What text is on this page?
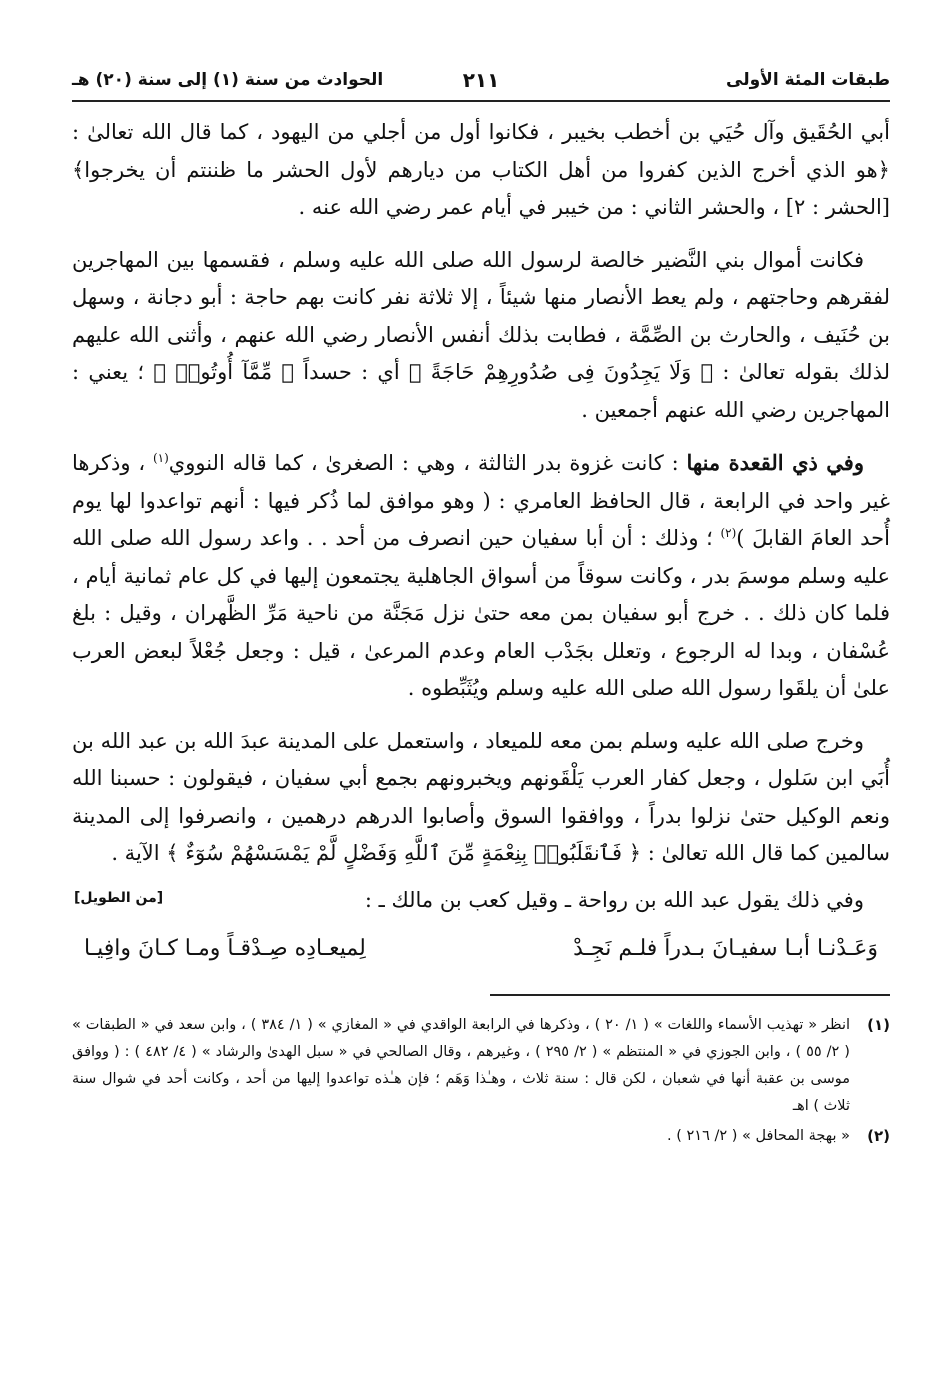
طبقات المئة الأولى
٢١١
الحوادث من سنة (١) إلى سنة (٢٠) هـ

أبي الحُقَيق وآل حُيَي بن أخطب بخيبر ، فكانوا أول من أجلي من اليهود ، كما قال الله تعالىٰ : ﴿هو الذي أخرج الذين كفروا من أهل الكتاب من ديارهم لأول الحشر ما ظننتم أن يخرجوا﴾ [الحشر : ٢] ، والحشر الثاني : من خيبر في أيام عمر رضي الله عنه .

فكانت أموال بني النَّضير خالصة لرسول الله صلى الله عليه وسلم ، فقسمها بين المهاجرين لفقرهم وحاجتهم ، ولم يعط الأنصار منها شيئاً ، إلا ثلاثة نفر كانت بهم حاجة : أبو دجانة ، وسهل بن حُنَيف ، والحارث بن الصِّمَّة ، فطابت بذلك أنفس الأنصار رضي الله عنهم ، وأثنى الله عليهم لذلك بقوله تعالىٰ : ﴿ وَلَا يَجِدُونَ فِى صُدُورِهِمْ حَاجَةً ﴾ أي : حسداً ﴿ مِّمَّآ أُوتُوا۟ ﴾ ؛ يعني : المهاجرين رضي الله عنهم أجمعين .

وفي ذي القعدة منها : كانت غزوة بدر الثالثة ، وهي : الصغرىٰ ، كما قاله النووي$^{(١)}$ ، وذكرها غير واحد في الرابعة ، قال الحافظ العامري : ( وهو موافق لما ذُكر فيها : أنهم تواعدوا لها يوم أُحد العامَ القابلَ )$^{(٢)}$ ؛ وذلك : أن أبا سفيان حين انصرف من أحد . . واعد رسول الله صلى الله عليه وسلم موسمَ بدر ، وكانت سوقاً من أسواق الجاهلية يجتمعون إليها في كل عام ثمانية أيام ، فلما كان ذلك . . خرج أبو سفيان بمن معه حتىٰ نزل مَجَنَّة من ناحية مَرِّ الظَّهران ، وقيل : بلغ عُسْفان ، وبدا له الرجوع ، وتعلل بجَدْب العام وعدم المرعىٰ ، قيل : وجعل جُعْلاً لبعض العرب علىٰ أن يلقَوا رسول الله صلى الله عليه وسلم ويُثَبِّطوه .

وخرج صلى الله عليه وسلم بمن معه للميعاد ، واستعمل على المدينة عبدَ الله بن عبد الله بن أُبَي ابن سَلول ، وجعل كفار العرب يَلْقَونهم ويخبرونهم بجمع أبي سفيان ، فيقولون : حسبنا الله ونعم الوكيل حتىٰ نزلوا بدراً ، ووافقوا السوق وأصابوا الدرهم درهمين ، وانصرفوا إلى المدينة سالمين كما قال الله تعالىٰ : ﴿ فَٱنقَلَبُوا۟ بِنِعْمَةٍ مِّنَ ٱللَّهِ وَفَضْلٍ لَّمْ يَمْسَسْهُمْ سُوٓءٌ ﴾ الآية .

وفي ذلك يقول عبد الله بن رواحة ـ وقيل كعب بن مالك ـ :
[من الطويل]
وَعَـدْنـا أبـا سفيـانَ بـدراً فلـم نَجِـدْ
لِميعـادِه صِـدْقـاً ومـا كـانَ وافِيـا
(١)
انظر « تهذيب الأسماء واللغات » ( ١/ ٢٠ ) ، وذكرها في الرابعة الواقدي في « المغازي » ( ١/ ٣٨٤ ) ، وابن سعد في « الطبقات » ( ٢/ ٥٥ ) ، وابن الجوزي في « المنتظم » ( ٢/ ٢٩٥ ) ، وغيرهم ، وقال الصالحي في « سبل الهدىٰ والرشاد » ( ٤/ ٤٨٢ ) : ( ووافق موسى بن عقبة أنها في شعبان ، لكن قال : سنة ثلاث ، وهـٰذا وَهَم ؛ فإن هـٰذه تواعدوا إليها من أحد ، وكانت أحد في شوال سنة ثلاث ) اهـ
(٢)
« بهجة المحافل » ( ٢/ ٢١٦ ) .
